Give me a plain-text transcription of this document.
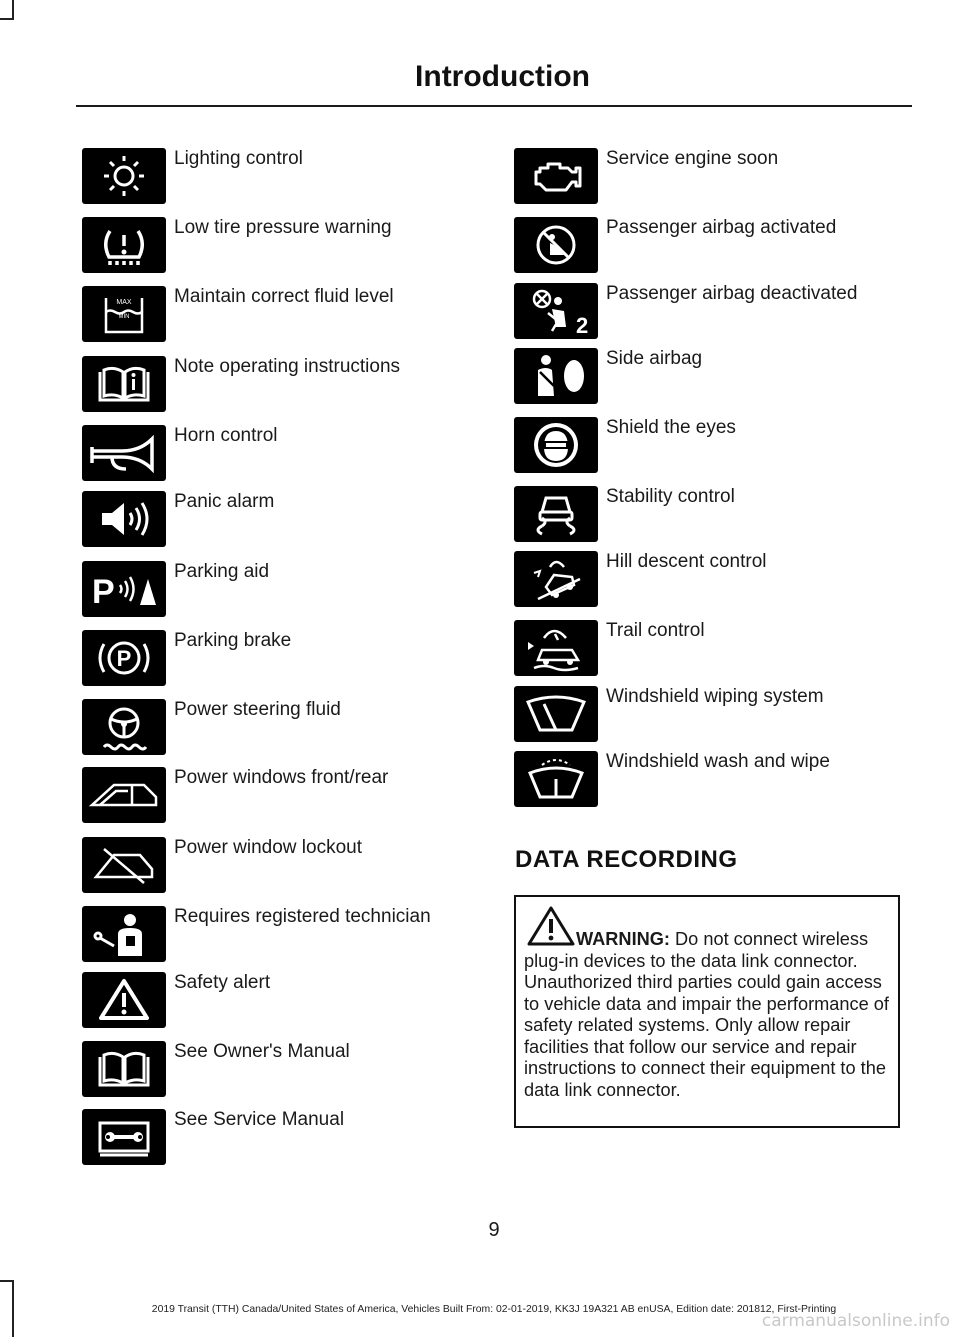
Introduction
Lighting control
Low tire pressure warning
MAX
MIN
Maintain correct fluid level
Note operating instructions
Horn control
Panic alarm
P
Parking aid
P
Parking brake
Power steering fluid
Power windows front/rear
Power window lockout
Requires registered technician
Safety alert
See Owner's Manual
See Service Manual
Service engine soon
Passenger airbag activated
2
Passenger airbag deactivated
Side airbag
Shield the eyes
Stability control
Hill descent control
Trail control
Windshield wiping system
Windshield wash and wipe
DATA RECORDING
WARNING: Do not connect wireless plug-in devices to the data link connector. Unauthorized third parties could gain access to vehicle data and impair the performance of safety related systems. Only allow repair facilities that follow our service and repair instructions to connect their equipment to the data link connector.
9
2019 Transit (TTH) Canada/United States of America, Vehicles Built From: 02-01-2019, KK3J 19A321 AB enUSA, Edition date: 201812, First-Printing
carmanualsonline.info
